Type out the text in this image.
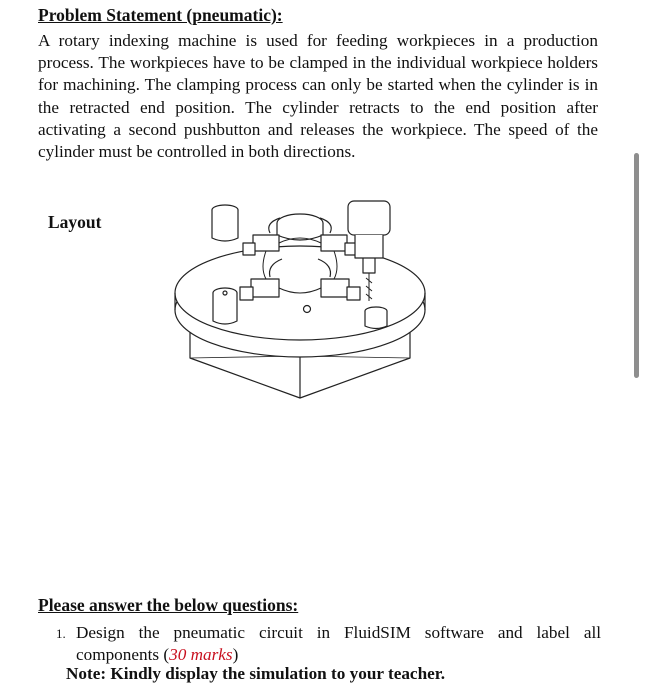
Problem Statement (pneumatic):

A rotary indexing machine is used for feeding workpieces in a production process. The workpieces have to be clamped in the individual workpiece holders for machining. The clamping process can only be started when the cylinder is in the retracted end position. The cylinder retracts to the end position after activating a second pushbutton and releases the workpiece. The speed of the cylinder must be controlled in both directions.

Layout

Please answer the below questions:

1. Design the pneumatic circuit in FluidSIM software and label all components (30 marks)

Note: Kindly display the simulation to your teacher.
